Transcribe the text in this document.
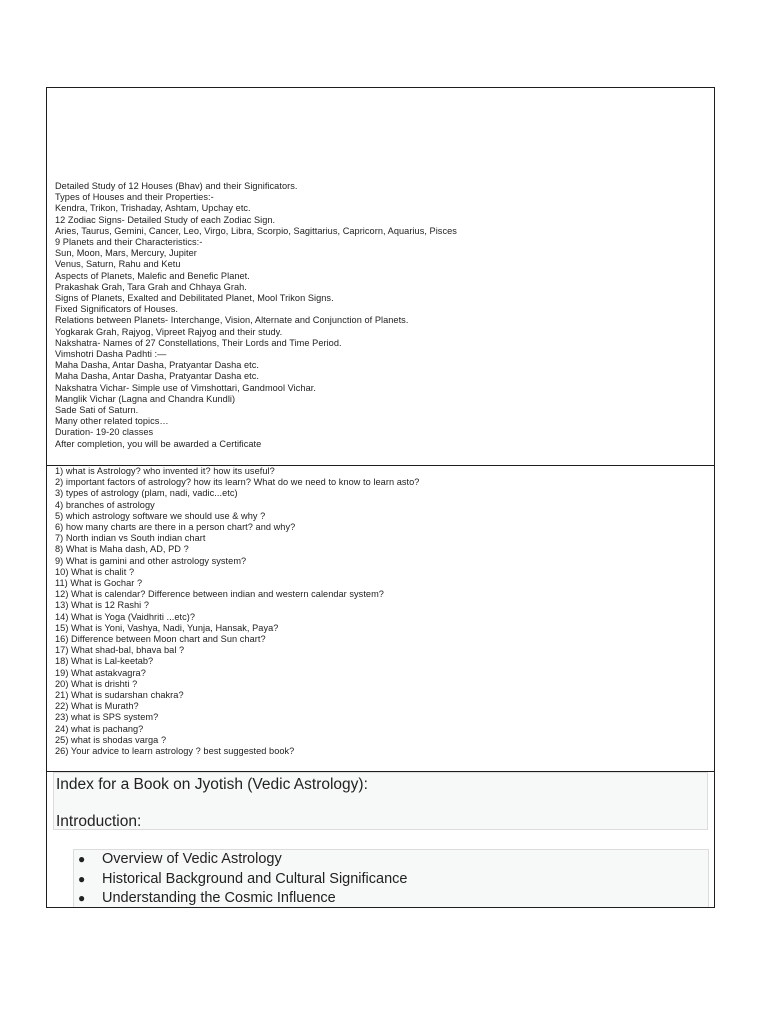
Detailed Study of 12 Houses (Bhav) and their Significators.
Types of Houses and their Properties:-
Kendra, Trikon, Trishaday, Ashtam, Upchay etc.
12 Zodiac Signs- Detailed Study of each Zodiac Sign.
Aries, Taurus, Gemini, Cancer, Leo, Virgo, Libra, Scorpio, Sagittarius, Capricorn, Aquarius, Pisces
9 Planets and their Characteristics:-
Sun, Moon, Mars, Mercury, Jupiter
Venus, Saturn, Rahu and Ketu
Aspects of Planets, Malefic and Benefic Planet.
Prakashak Grah, Tara Grah and Chhaya Grah.
Signs of Planets, Exalted and Debilitated Planet, Mool Trikon Signs.
Fixed Significators of Houses.
Relations between Planets- Interchange, Vision, Alternate and Conjunction of Planets.
Yogkarak Grah, Rajyog, Vipreet Rajyog and their study.
Nakshatra- Names of 27 Constellations, Their Lords and Time Period.
Vimshotri Dasha Padhti :—
Maha Dasha, Antar Dasha, Pratyantar Dasha etc.
Maha Dasha, Antar Dasha, Pratyantar Dasha etc.
Nakshatra Vichar- Simple use of Vimshottari, Gandmool Vichar.
Manglik Vichar (Lagna and Chandra Kundli)
Sade Sati of Saturn.
Many other related topics…
Duration- 19-20 classes
After completion, you will be awarded a Certificate
1) what is Astrology? who invented it? how its useful?
2) important factors of astrology? how its learn? What do we need to know to learn asto?
3) types of astrology (plam, nadi, vadic...etc)
4) branches of astrology
5) which astrology software we should use & why ?
6) how many charts are there in a person chart? and why?
7) North indian vs South indian chart
8) What is Maha dash, AD, PD ?
9) What is gamini and other astrology system?
10) What is chalit ?
11) What is Gochar ?
12) What is calendar? Difference between indian and western calendar system?
13) What is 12 Rashi ?
14) What is Yoga (Vaidhriti ...etc)?
15) What is Yoni, Vashya, Nadi, Yunja, Hansak, Paya?
16) Difference between Moon chart and Sun chart?
17) What shad-bal, bhava bal ?
18) What is Lal-keetab?
19) What astakvagra?
20) What is drishti ?
21) What is sudarshan chakra?
22) What is Murath?
23) what is SPS system?
24) what is pachang?
25) what is shodas varga ?
26) Your advice to learn astrology ? best suggested book?
Index for a Book on Jyotish (Vedic Astrology):
Introduction:
● Overview of Vedic Astrology
● Historical Background and Cultural Significance
● Understanding the Cosmic Influence
